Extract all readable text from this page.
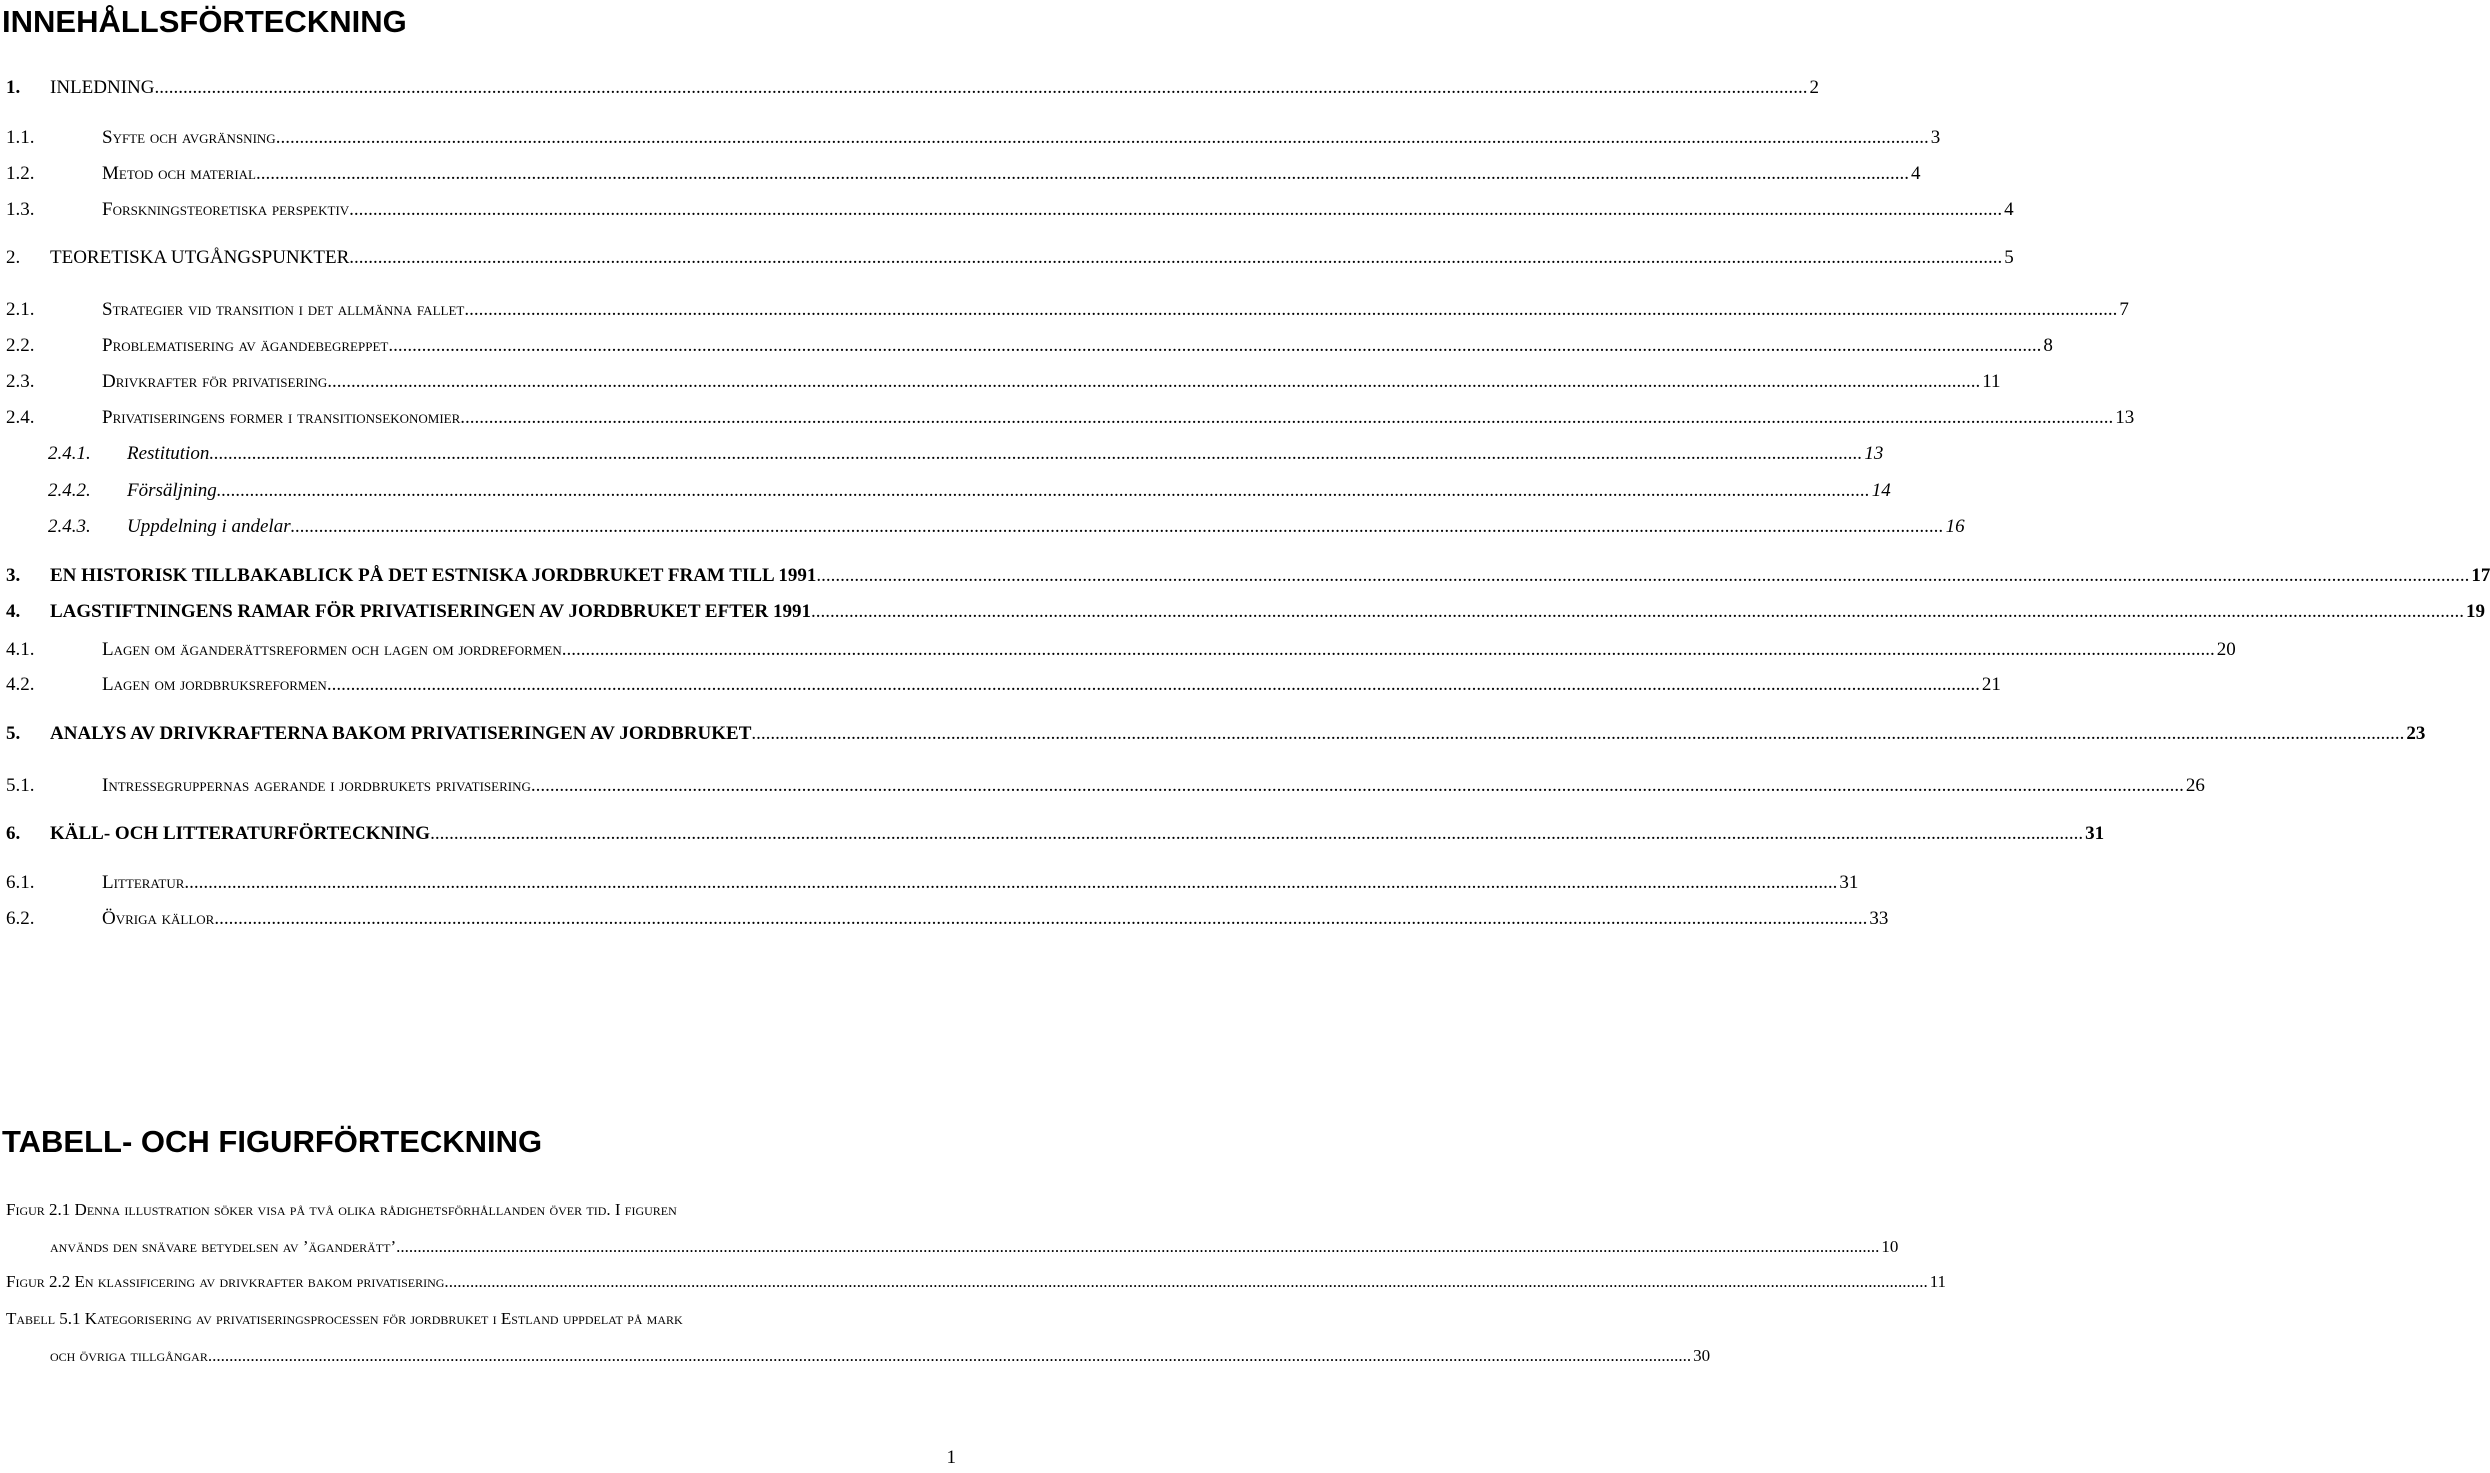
INNEHÅLLSFÖRTECKNING
1.	INLEDNING .....	2
1.1.	Syfte och avgränsning .....	3
1.2.	Metod och material .....	4
1.3.	Forskningsteoretiska perspektiv .....	4
2.	TEORETISKA UTGÅNGSPUNKTER .....	5
2.1.	Strategier vid transition i det allmänna fallet .....	7
2.2.	Problematisering av ägandebegreppet .....	8
2.3.	Drivkrafter för privatisering .....	11
2.4.	Privatiseringens former i transitionsekonomier .....	13
2.4.1.	Restitution .....	13
2.4.2.	Försäljning .....	14
2.4.3.	Uppdelning i andelar .....	16
3.	EN HISTORISK TILLBAKABLICK PÅ DET ESTNISKA JORDBRUKET FRAM TILL 1991 .....	17
4.	LAGSTIFTNINGENS RAMAR FÖR PRIVATISERINGEN AV JORDBRUKET EFTER 1991 .....	19
4.1.	Lagen om äganderättsreformen och lagen om jordreformen .....	20
4.2.	Lagen om jordbruksreformen .....	21
5.	ANALYS AV DRIVKRAFTERNA BAKOM PRIVATISERINGEN AV JORDBRUKET .....	23
5.1.	Intressegruppernas agerande i jordbrukets privatisering .....	26
6.	KÄLL- OCH LITTERATURFÖRTECKNING .....	31
6.1.	Litteratur .....	31
6.2.	Övriga källor .....	33
TABELL- OCH FIGURFÖRTECKNING
Figur 2.1 Denna illustration söker visa på två olika rådighetsförhållanden över tid. I figuren
används den snävare betydelsen av ’äganderätt’. .....	10
Figur 2.2 En klassificering av drivkrafter bakom privatisering. .....	11
Tabell 5.1 Kategorisering av privatiseringsprocessen för jordbruket i Estland uppdelat på mark
och övriga tillgångar. .....	30
1
